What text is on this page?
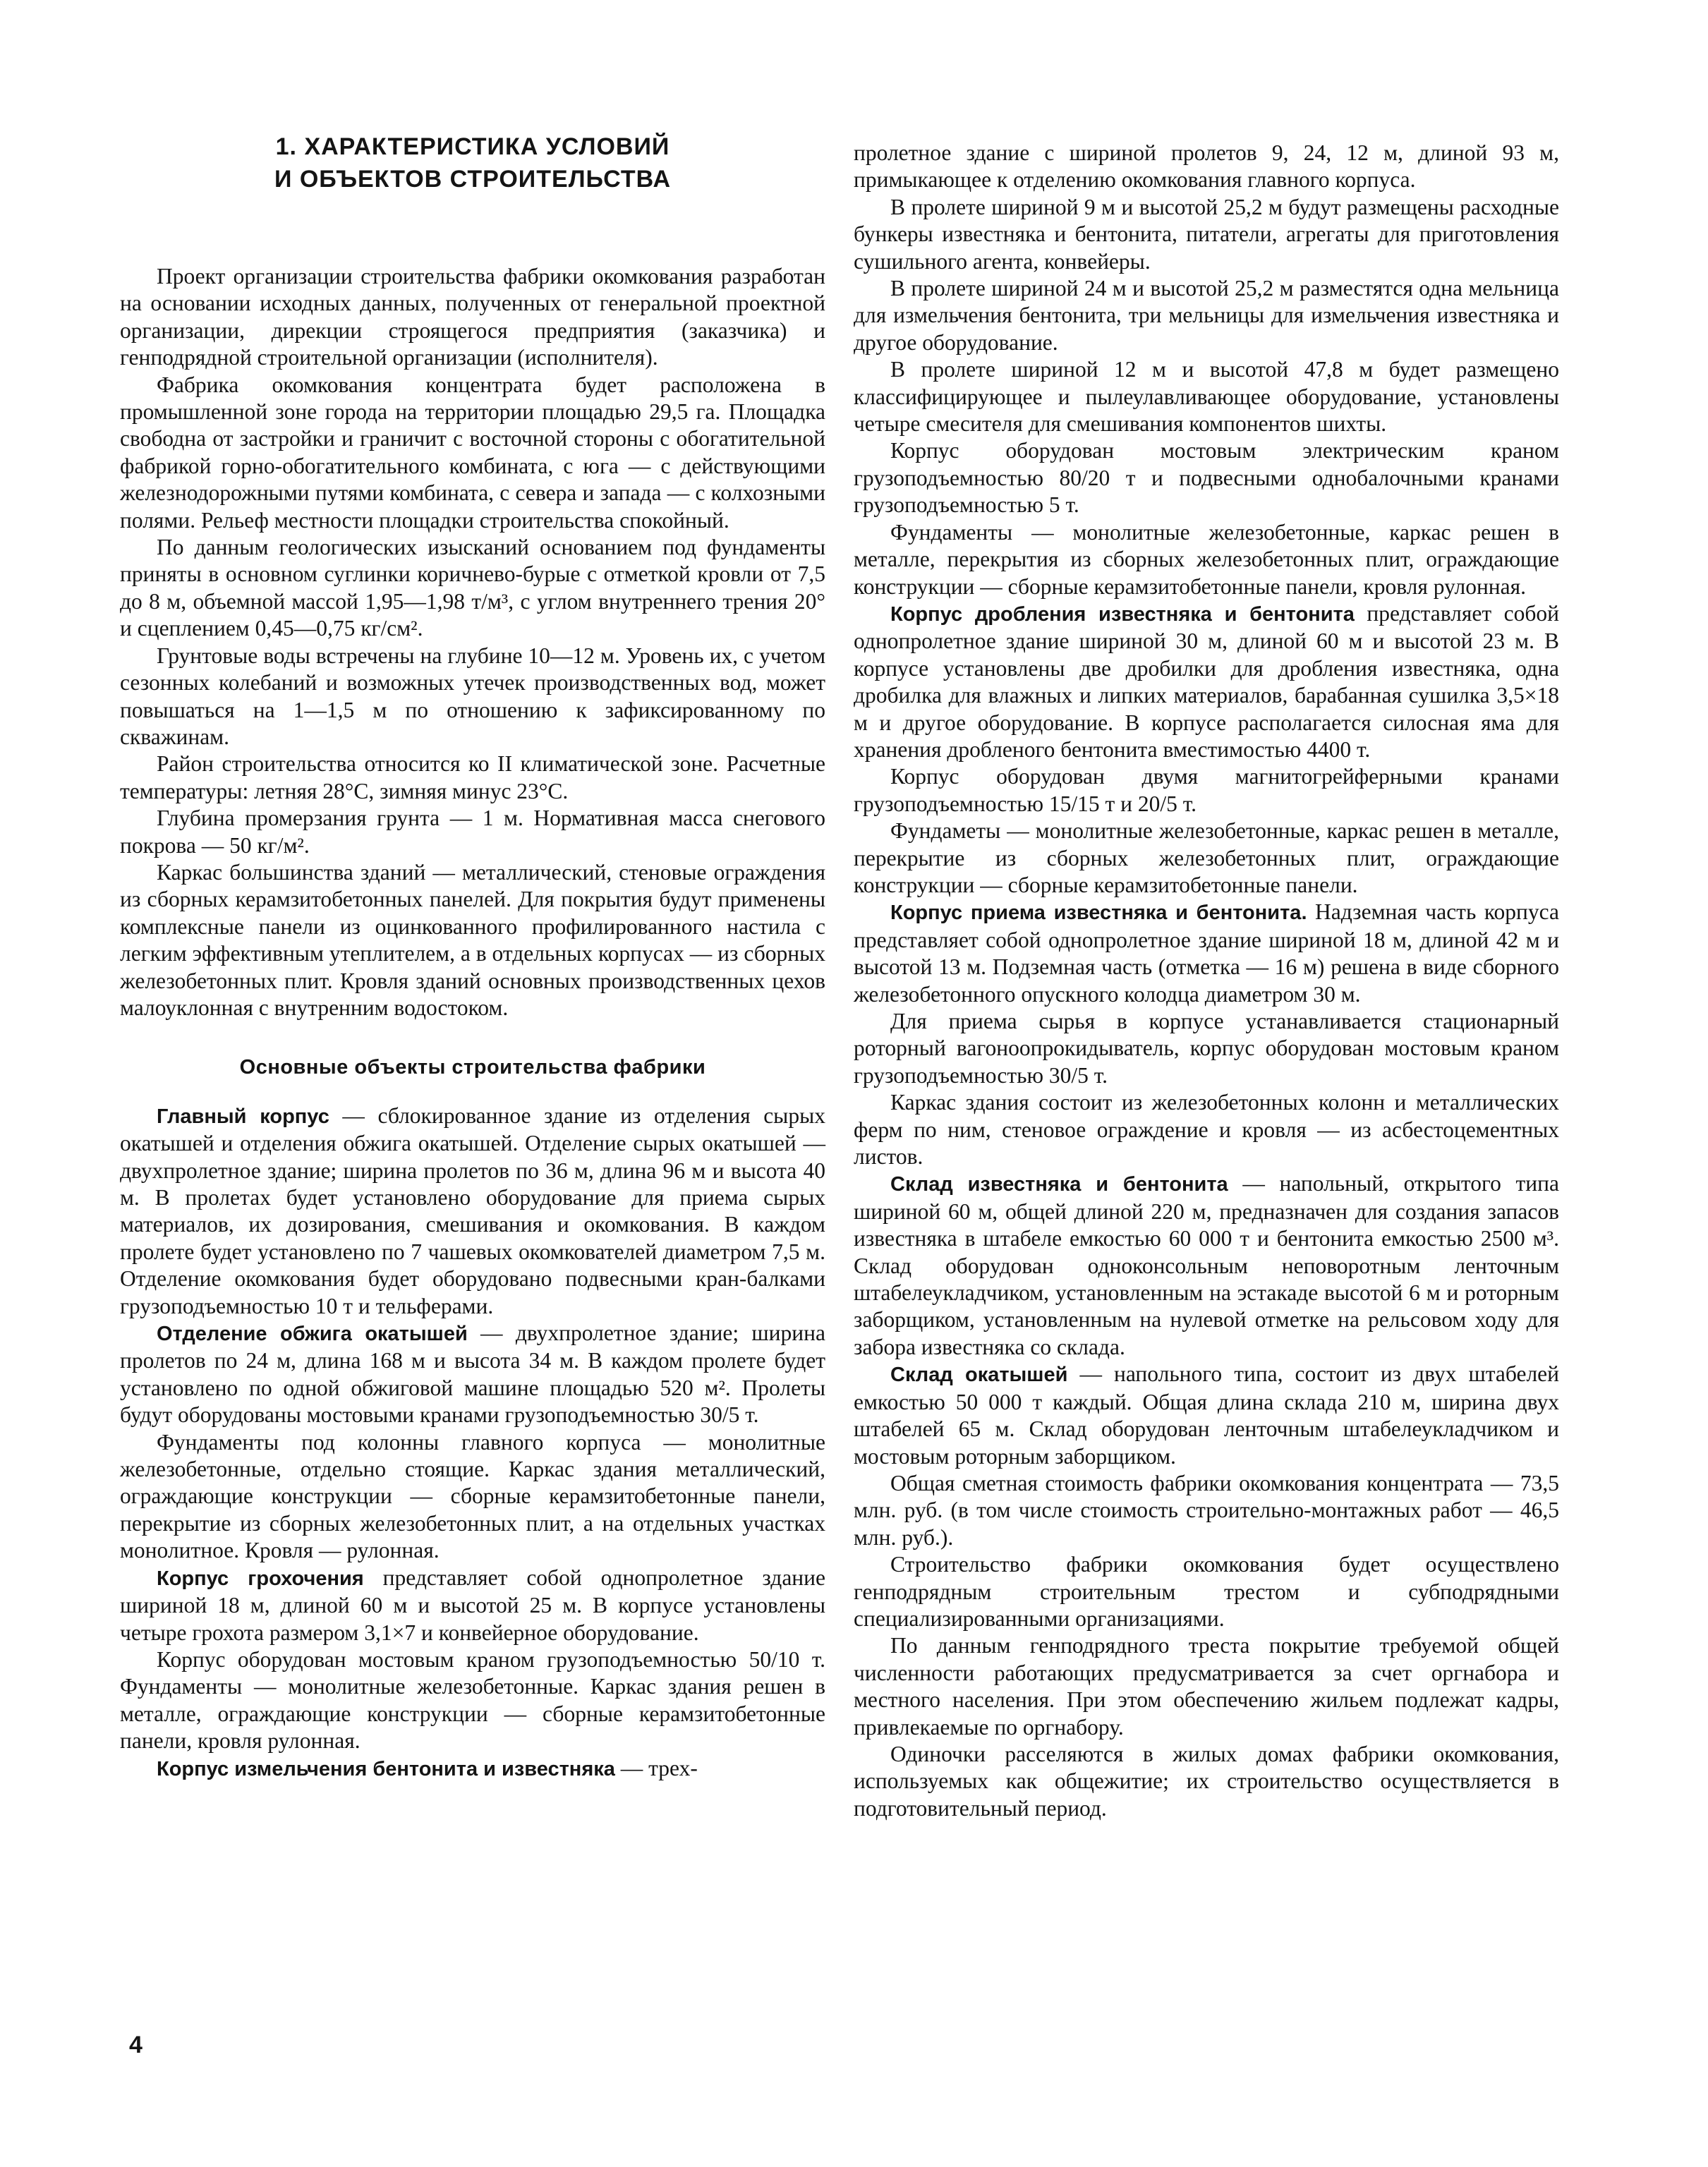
1. ХАРАКТЕРИСТИКА УСЛОВИЙ
И ОБЪЕКТОВ СТРОИТЕЛЬСТВА

Проект организации строительства фабрики окомкования разработан на основании исходных данных, полученных от генеральной проектной организации, дирекции строящегося предприятия (заказчика) и генподрядной строительной организации (исполнителя).

Фабрика окомкования концентрата будет расположена в промышленной зоне города на территории площадью 29,5 га. Площадка свободна от застройки и граничит с восточной стороны с обогатительной фабрикой горно-обогатительного комбината, с юга — с действующими железнодорожными путями комбината, с севера и запада — с колхозными полями. Рельеф местности площадки строительства спокойный.

По данным геологических изысканий основанием под фундаменты приняты в основном суглинки коричнево-бурые с отметкой кровли от 7,5 до 8 м, объемной массой 1,95—1,98 т/м³, с углом внутреннего трения 20° и сцеплением 0,45—0,75 кг/см².

Грунтовые воды встречены на глубине 10—12 м. Уровень их, с учетом сезонных колебаний и возможных утечек производственных вод, может повышаться на 1—1,5 м по отношению к зафиксированному по скважинам.

Район строительства относится ко II климатической зоне. Расчетные температуры: летняя 28°С, зимняя минус 23°С.

Глубина промерзания грунта — 1 м. Нормативная масса снегового покрова — 50 кг/м².

Каркас большинства зданий — металлический, стеновые ограждения из сборных керамзитобетонных панелей. Для покрытия будут применены комплексные панели из оцинкованного профилированного настила с легким эффективным утеплителем, а в отдельных корпусах — из сборных железобетонных плит. Кровля зданий основных производственных цехов малоуклонная с внутренним водостоком.

Основные объекты строительства фабрики

Главный корпус — сблокированное здание из отделения сырых окатышей и отделения обжига окатышей. Отделение сырых окатышей — двухпролетное здание; ширина пролетов по 36 м, длина 96 м и высота 40 м. В пролетах будет установлено оборудование для приема сырых материалов, их дозирования, смешивания и окомкования. В каждом пролете будет установлено по 7 чашевых окомкователей диаметром 7,5 м. Отделение окомкования будет оборудовано подвесными кран-балками грузоподъемностью 10 т и тельферами.

Отделение обжига окатышей — двухпролетное здание; ширина пролетов по 24 м, длина 168 м и высота 34 м. В каждом пролете будет установлено по одной обжиговой машине площадью 520 м². Пролеты будут оборудованы мостовыми кранами грузоподъемностью 30/5 т.

Фундаменты под колонны главного корпуса — монолитные железобетонные, отдельно стоящие. Каркас здания металлический, ограждающие конструкции — сборные керамзитобетонные панели, перекрытие из сборных железобетонных плит, а на отдельных участках монолитное. Кровля — рулонная.

Корпус грохочения представляет собой однопролетное здание шириной 18 м, длиной 60 м и высотой 25 м. В корпусе установлены четыре грохота размером 3,1×7 и конвейерное оборудование.

Корпус оборудован мостовым краном грузоподъемностью 50/10 т. Фундаменты — монолитные железобетонные. Каркас здания решен в металле, ограждающие конструкции — сборные керамзитобетонные панели, кровля рулонная.

Корпус измельчения бентонита и известняка — трех-

пролетное здание с шириной пролетов 9, 24, 12 м, длиной 93 м, примыкающее к отделению окомкования главного корпуса.

В пролете шириной 9 м и высотой 25,2 м будут размещены расходные бункеры известняка и бентонита, питатели, агрегаты для приготовления сушильного агента, конвейеры.

В пролете шириной 24 м и высотой 25,2 м разместятся одна мельница для измельчения бентонита, три мельницы для измельчения известняка и другое оборудование.

В пролете шириной 12 м и высотой 47,8 м будет размещено классифицирующее и пылеулавливающее оборудование, установлены четыре смесителя для смешивания компонентов шихты.

Корпус оборудован мостовым электрическим краном грузоподъемностью 80/20 т и подвесными однобалочными кранами грузоподъемностью 5 т.

Фундаменты — монолитные железобетонные, каркас решен в металле, перекрытия из сборных железобетонных плит, ограждающие конструкции — сборные керамзитобетонные панели, кровля рулонная.

Корпус дробления известняка и бентонита представляет собой однопролетное здание шириной 30 м, длиной 60 м и высотой 23 м. В корпусе установлены две дробилки для дробления известняка, одна дробилка для влажных и липких материалов, барабанная сушилка 3,5×18 м и другое оборудование. В корпусе располагается силосная яма для хранения дробленого бентонита вместимостью 4400 т.

Корпус оборудован двумя магнитогрейферными кранами грузоподъемностью 15/15 т и 20/5 т.

Фундаметы — монолитные железобетонные, каркас решен в металле, перекрытие из сборных железобетонных плит, ограждающие конструкции — сборные керамзитобетонные панели.

Корпус приема известняка и бентонита. Надземная часть корпуса представляет собой однопролетное здание шириной 18 м, длиной 42 м и высотой 13 м. Подземная часть (отметка — 16 м) решена в виде сборного железобетонного опускного колодца диаметром 30 м.

Для приема сырья в корпусе устанавливается стационарный роторный вагоноопрокидыватель, корпус оборудован мостовым краном грузоподъемностью 30/5 т.

Каркас здания состоит из железобетонных колонн и металлических ферм по ним, стеновое ограждение и кровля — из асбестоцементных листов.

Склад известняка и бентонита — напольный, открытого типа шириной 60 м, общей длиной 220 м, предназначен для создания запасов известняка в штабеле емкостью 60 000 т и бентонита емкостью 2500 м³. Склад оборудован одноконсольным неповоротным ленточным штабелеукладчиком, установленным на эстакаде высотой 6 м и роторным заборщиком, установленным на нулевой отметке на рельсовом ходу для забора известняка со склада.

Склад окатышей — напольного типа, состоит из двух штабелей емкостью 50 000 т каждый. Общая длина склада 210 м, ширина двух штабелей 65 м. Склад оборудован ленточным штабелеукладчиком и мостовым роторным заборщиком.

Общая сметная стоимость фабрики окомкования концентрата — 73,5 млн. руб. (в том числе стоимость строительно-монтажных работ — 46,5 млн. руб.).

Строительство фабрики окомкования будет осуществлено генподрядным строительным трестом и субподрядными специализированными организациями.

По данным генподрядного треста покрытие требуемой общей численности работающих предусматривается за счет оргнабора и местного населения. При этом обеспечению жильем подлежат кадры, привлекаемые по оргнабору.

Одиночки расселяются в жилых домах фабрики окомкования, используемых как общежитие; их строительство осуществляется в подготовительный период.

4
